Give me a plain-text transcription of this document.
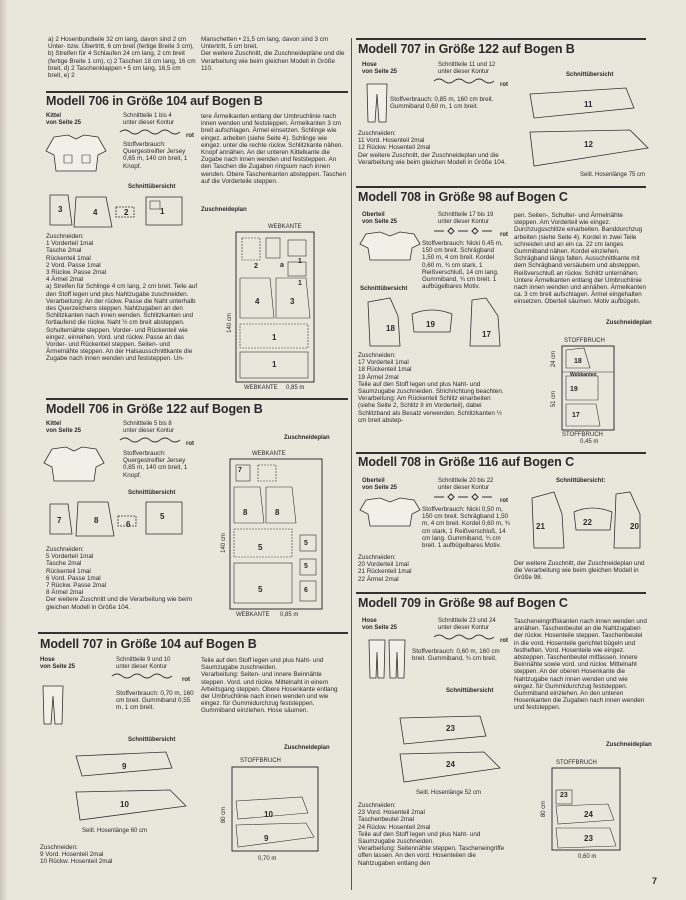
a) 2 Hosenbundteile 32 cm lang, davon sind 2 cm Unter- bzw. Übertritt, 6 cm breit (fertige Breite 3 cm), b) Streifen für 4 Schlaufen 24 cm lang, 2 cm breit (fertige Breite 1 cm), c) 2 Taschen 18 cm lang, 16 cm breit, d) 2 Taschenklappen • 5 cm lang, 16,5 cm breit, e) 2
Manschetten • 21,5 cm lang, davon sind 3 cm Untertritt, 5 cm breit.
Der weitere Zuschnitt, die Zuschneidepläne und die Verarbeitung wie beim gleichen Modell in Größe 110.
Modell 706 in Größe 104 auf Bogen B
Kittel
von Seite 25
Schnittteile 1 bis 4
unter dieser Kontur
rot
Stoffverbrauch: Quergestreifter Jersey 0,65 m, 140 cm breit, 1 Knopf.
Schnittübersicht
3	4	2	1
Zuschneiden:
1 Vorderteil 1mal
Tasche 2mal
Rückenteil 1mal
2 Vord. Passe 1mal
3 Rückw. Passe 2mal
4 Ärmel 2mal
a) Streifen für Schlinge 4 cm lang, 2 cm breit. Teile auf den Stoff legen und plus Nahtzugabe zuschneiden.
Verarbeitung: An der rückw. Passe die Naht unterhalb des Querzeichens steppen. Nahtzugaben an den Schlitzkanten nach innen wenden. Schlitzkanten und fortlaufend die rückw. Naht ½ cm breit absteppen. Schulternähte steppen. Vorder- und Rückenteil wie eingez. einreihen. Vord. und rückw. Passe an das Vorder- und Rückenteil steppen. Seiten- und Ärmelnähte steppen. An der Halsausschnittkante die Zugabe nach innen wenden und feststeppen. Un-
tere Ärmelkanten entlang der Umbruchlinie nach innen wenden und feststeppen. Ärmelkanten 3 cm breit aufschlagen. Ärmel einsetzen. Schlinge wie eingez. arbeiten (siehe Seite 4). Schlinge wie eingez. unter die rechte rückw. Schlitzkante nähen. Knopf annähen. An der unteren Kittelkante die Zugabe nach innen wenden und feststeppen. An den Taschen die Zugaben ringsum nach innen wenden. Obere Taschenkanten absteppen. Taschen auf die Vorderteile steppen.
Zuschneideplan
WEBKANTE
2	a
1
1
4	3
1
1
140 cm
WEBKANTE 0,85 m
Modell 706 in Größe 122 auf Bogen B
Kittel
von Seite 25
Schnittteile 5 bis 8
unter dieser Kontur
rot
Stoffverbrauch: Quergestreifter Jersey 0,85 m, 140 cm breit, 1 Knopf.
Schnittübersicht
Zuschneideplan
7	8	6
5
Zuschneiden:
5 Vorderteil 1mal
Tasche 2mal
Rückenteil 1mal
6 Vord. Passe 1mal
7 Rückw. Passe 2mal
8 Ärmel 2mal
Der weitere Zuschnitt und die Verarbeitung wie beim gleichen Modell in Größe 104.
WEBKANTE
7
8	8
5
5
5
5
6
140 cm
WEBKANTE 0,85 m
Modell 707 in Größe 104 auf Bogen B
Hose
von Seite 25
Schnittteile 9 und 10
unter dieser Kontur
rot
Stoffverbrauch: 0,70 m, 160 cm breit. Gummiband 0,55 m, 1 cm breit.
Teile auf den Stoff legen und plus Naht- und Saumzugabe zuschneiden.
Verarbeitung: Seiten- und innere Beinnähte steppen. Vord. und rückw. Mittelnaht in einem Arbeitsgang steppen. Obere Hosenkante entlang der Umbruchlinie nach innen wenden und wie eingez. für Gummidurchzug feststeppen. Gummiband einziehen. Hose säumen.
Schnittübersicht
9
10
Seitl. Hosenlänge 60 cm
Zuschneiden:
9 Vord. Hosenteil 2mal
10 Rückw. Hosenteil 2mal
Zuschneideplan
STOFFBRUCH
10
9
80 cm
0,70 m
Modell 707 in Größe 122 auf Bogen B
Hose
von Seite 25
Schnittteile 11 und 12
unter dieser Kontur
rot
Stoffverbrauch: 0,85 m, 160 cm breit. Gummiband 0,60 m, 1 cm breit.
Zuschneiden:
11 Vord. Hosenteil 2mal
12 Rückw. Hosenteil 2mal
Der weitere Zuschnitt, der Zuschneideplan und die Verarbeitung wie beim gleichen Modell in Größe 104.
Schnittübersicht
11
12
Seitl. Hosenlänge 75 cm
Modell 708 in Größe 98 auf Bogen C
Oberteil
von Seite 25
Schnittteile 17 bis 19
unter dieser Kontur
rot
Stoffverbrauch: Nicki 0,45 m, 150 cm breit. Schrägband 1,50 m, 4 cm breit. Kordel 0,60 m, ¾ cm stark, 1 Reißverschluß, 14 cm lang. Gummiband, ¾ cm breit. 1 aufbügelbares Motiv.
Schnittübersicht
18	19
17
Zuschneiden:
17 Vorderteil 1mal
18 Rückenteil 1mal
19 Ärmel 2mal
Teile auf den Stoff legen und plus Naht- und Saumzugabe zuschneiden. Strichrichtung beachten.
Verarbeitung: Am Rückenteil Schlitz einarbeiten (siehe Seite 2, Schlitz II im Vorderteil), dabei Schlitzband als Besatz verwenden. Schlitzkanten ½ cm breit abstep-
pen. Seiten-, Schulter- und Ärmelnähte steppen. Am Vorderteil wie eingez. Durchzugsschlitze einarbeiten. Banddurchzug arbeiten (siehe Seite 4). Kordel in zwei Teile schneiden und an ein ca. 22 cm langes Gummiband nähen. Kordel einziehen. Schrägband längs falten. Ausschnittkante mit dem Schrägband versäubern und absteppen. Reißverschluß an rückw. Schlitz unternähen. Untere Ärmelkanten entlang der Umbruchlinie nach innen wenden und annähen. Ärmelkanten ca. 3 cm breit aufschlagen. Ärmel eingehalten einsetzen. Oberteil säumen. Motiv aufbügeln.
Zuschneideplan
STOFFBRUCH
18
Webkanten
19
17
24 cm
51 cm
STOFFBRUCH
0,45 m
Modell 708 in Größe 116 auf Bogen C
Oberteil
von Seite 25
Schnittteile 20 bis 22
unter dieser Kontur
rot
Stoffverbrauch: Nicki 0,50 m, 150 cm breit. Schrägband 1,50 m, 4 cm breit. Kordel 0,60 m, ¾ cm stark, 1 Reißverschluß, 14 cm lang. Gummiband, ¾ cm breit. 1 aufbügelbares Motiv.
Zuschneiden:
20 Vorderteil 1mal
21 Rückenteil 1mal
22 Ärmel 2mal
Schnittübersicht:
21	22	20
Der weitere Zuschnitt, der Zuschneideplan und die Verarbeitung wie beim gleichen Modell in Größe 98.
Modell 709 in Größe 98 auf Bogen C
Hose
von Seite 25
Schnittteile 23 und 24
unter dieser Kontur
rot
Stoffverbrauch: 0,60 m, 160 cm breit. Gummiband, ¾ cm breit.
Schnittübersicht
23
24
Seitl. Hosenlänge 52 cm
Zuschneiden:
23 Vord. Hosenteil 2mal
Taschenbeutel 2mal
24 Rückw. Hosenteil 2mal
Teile auf den Stoff legen und plus Naht- und Saumzugabe zuschneiden.
Verarbeitung: Seitennähte steppen, Tascheneingriffe offen lassen. An den vord. Hosenteilen die Nahtzugaben entlang den
Tascheneingriffskanten nach innen wenden und annähen. Taschenbeutel an die Nahtzugaben der rückw. Hosenteile steppen. Taschenbeutel in die vord. Hosenteile gerichtet bügeln und festheften. Vord. Hosenteile wie eingez. absteppen. Taschenbeutel mitfassen. Innere Beinnähte sowie vord. und rückw. Mittelnaht steppen. An der oberen Hosenkante die Nahtzugabe nach innen wenden und wie eingez. für Gummidurchzug feststeppen. Gummiband einziehen. An den unteren Hosenkanten die Zugaben nach innen wenden und feststeppen.
Zuschneideplan
STOFFBRUCH
23
24
23
80 cm
0,60 m
7
